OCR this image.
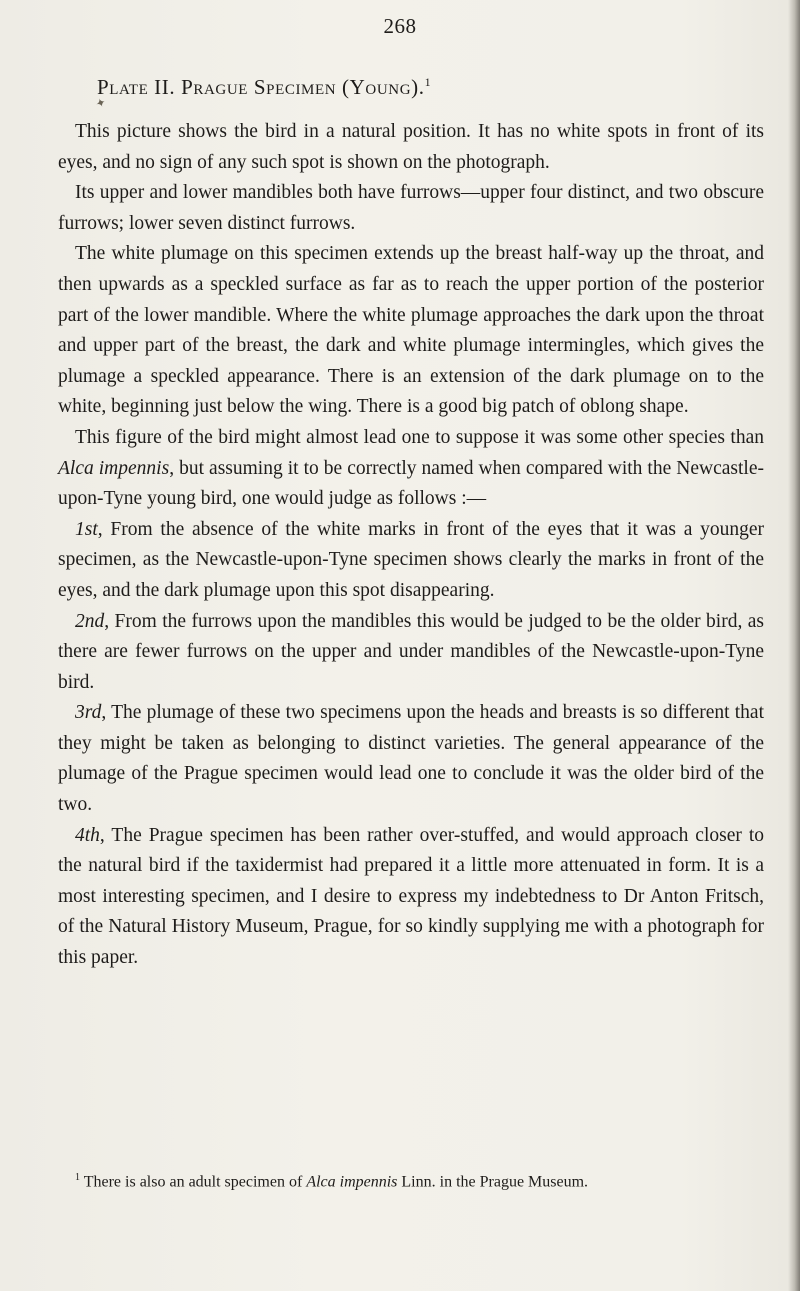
268
Plate II. Prague Specimen (Young).$^1$
✦

This picture shows the bird in a natural position. It has no white spots in front of its eyes, and no sign of any such spot is shown on the photograph.

Its upper and lower mandibles both have furrows—upper four distinct, and two obscure furrows; lower seven distinct furrows.

The white plumage on this specimen extends up the breast half-way up the throat, and then upwards as a speckled surface as far as to reach the upper portion of the posterior part of the lower mandible. Where the white plumage approaches the dark upon the throat and upper part of the breast, the dark and white plumage intermingles, which gives the plumage a speckled appearance. There is an extension of the dark plumage on to the white, beginning just below the wing. There is a good big patch of oblong shape.

This figure of the bird might almost lead one to suppose it was some other species than Alca impennis, but assuming it to be correctly named when compared with the Newcastle-upon-Tyne young bird, one would judge as follows :—

1st, From the absence of the white marks in front of the eyes that it was a younger specimen, as the Newcastle-upon-Tyne specimen shows clearly the marks in front of the eyes, and the dark plumage upon this spot disappearing.

2nd, From the furrows upon the mandibles this would be judged to be the older bird, as there are fewer furrows on the upper and under mandibles of the Newcastle-upon-Tyne bird.

3rd, The plumage of these two specimens upon the heads and breasts is so different that they might be taken as belonging to distinct varieties. The general appearance of the plumage of the Prague specimen would lead one to conclude it was the older bird of the two.

4th, The Prague specimen has been rather over-stuffed, and would approach closer to the natural bird if the taxidermist had prepared it a little more attenuated in form. It is a most interesting specimen, and I desire to express my indebtedness to Dr Anton Fritsch, of the Natural History Museum, Prague, for so kindly supplying me with a photograph for this paper.

$^1$ There is also an adult specimen of Alca impennis Linn. in the Prague Museum.
